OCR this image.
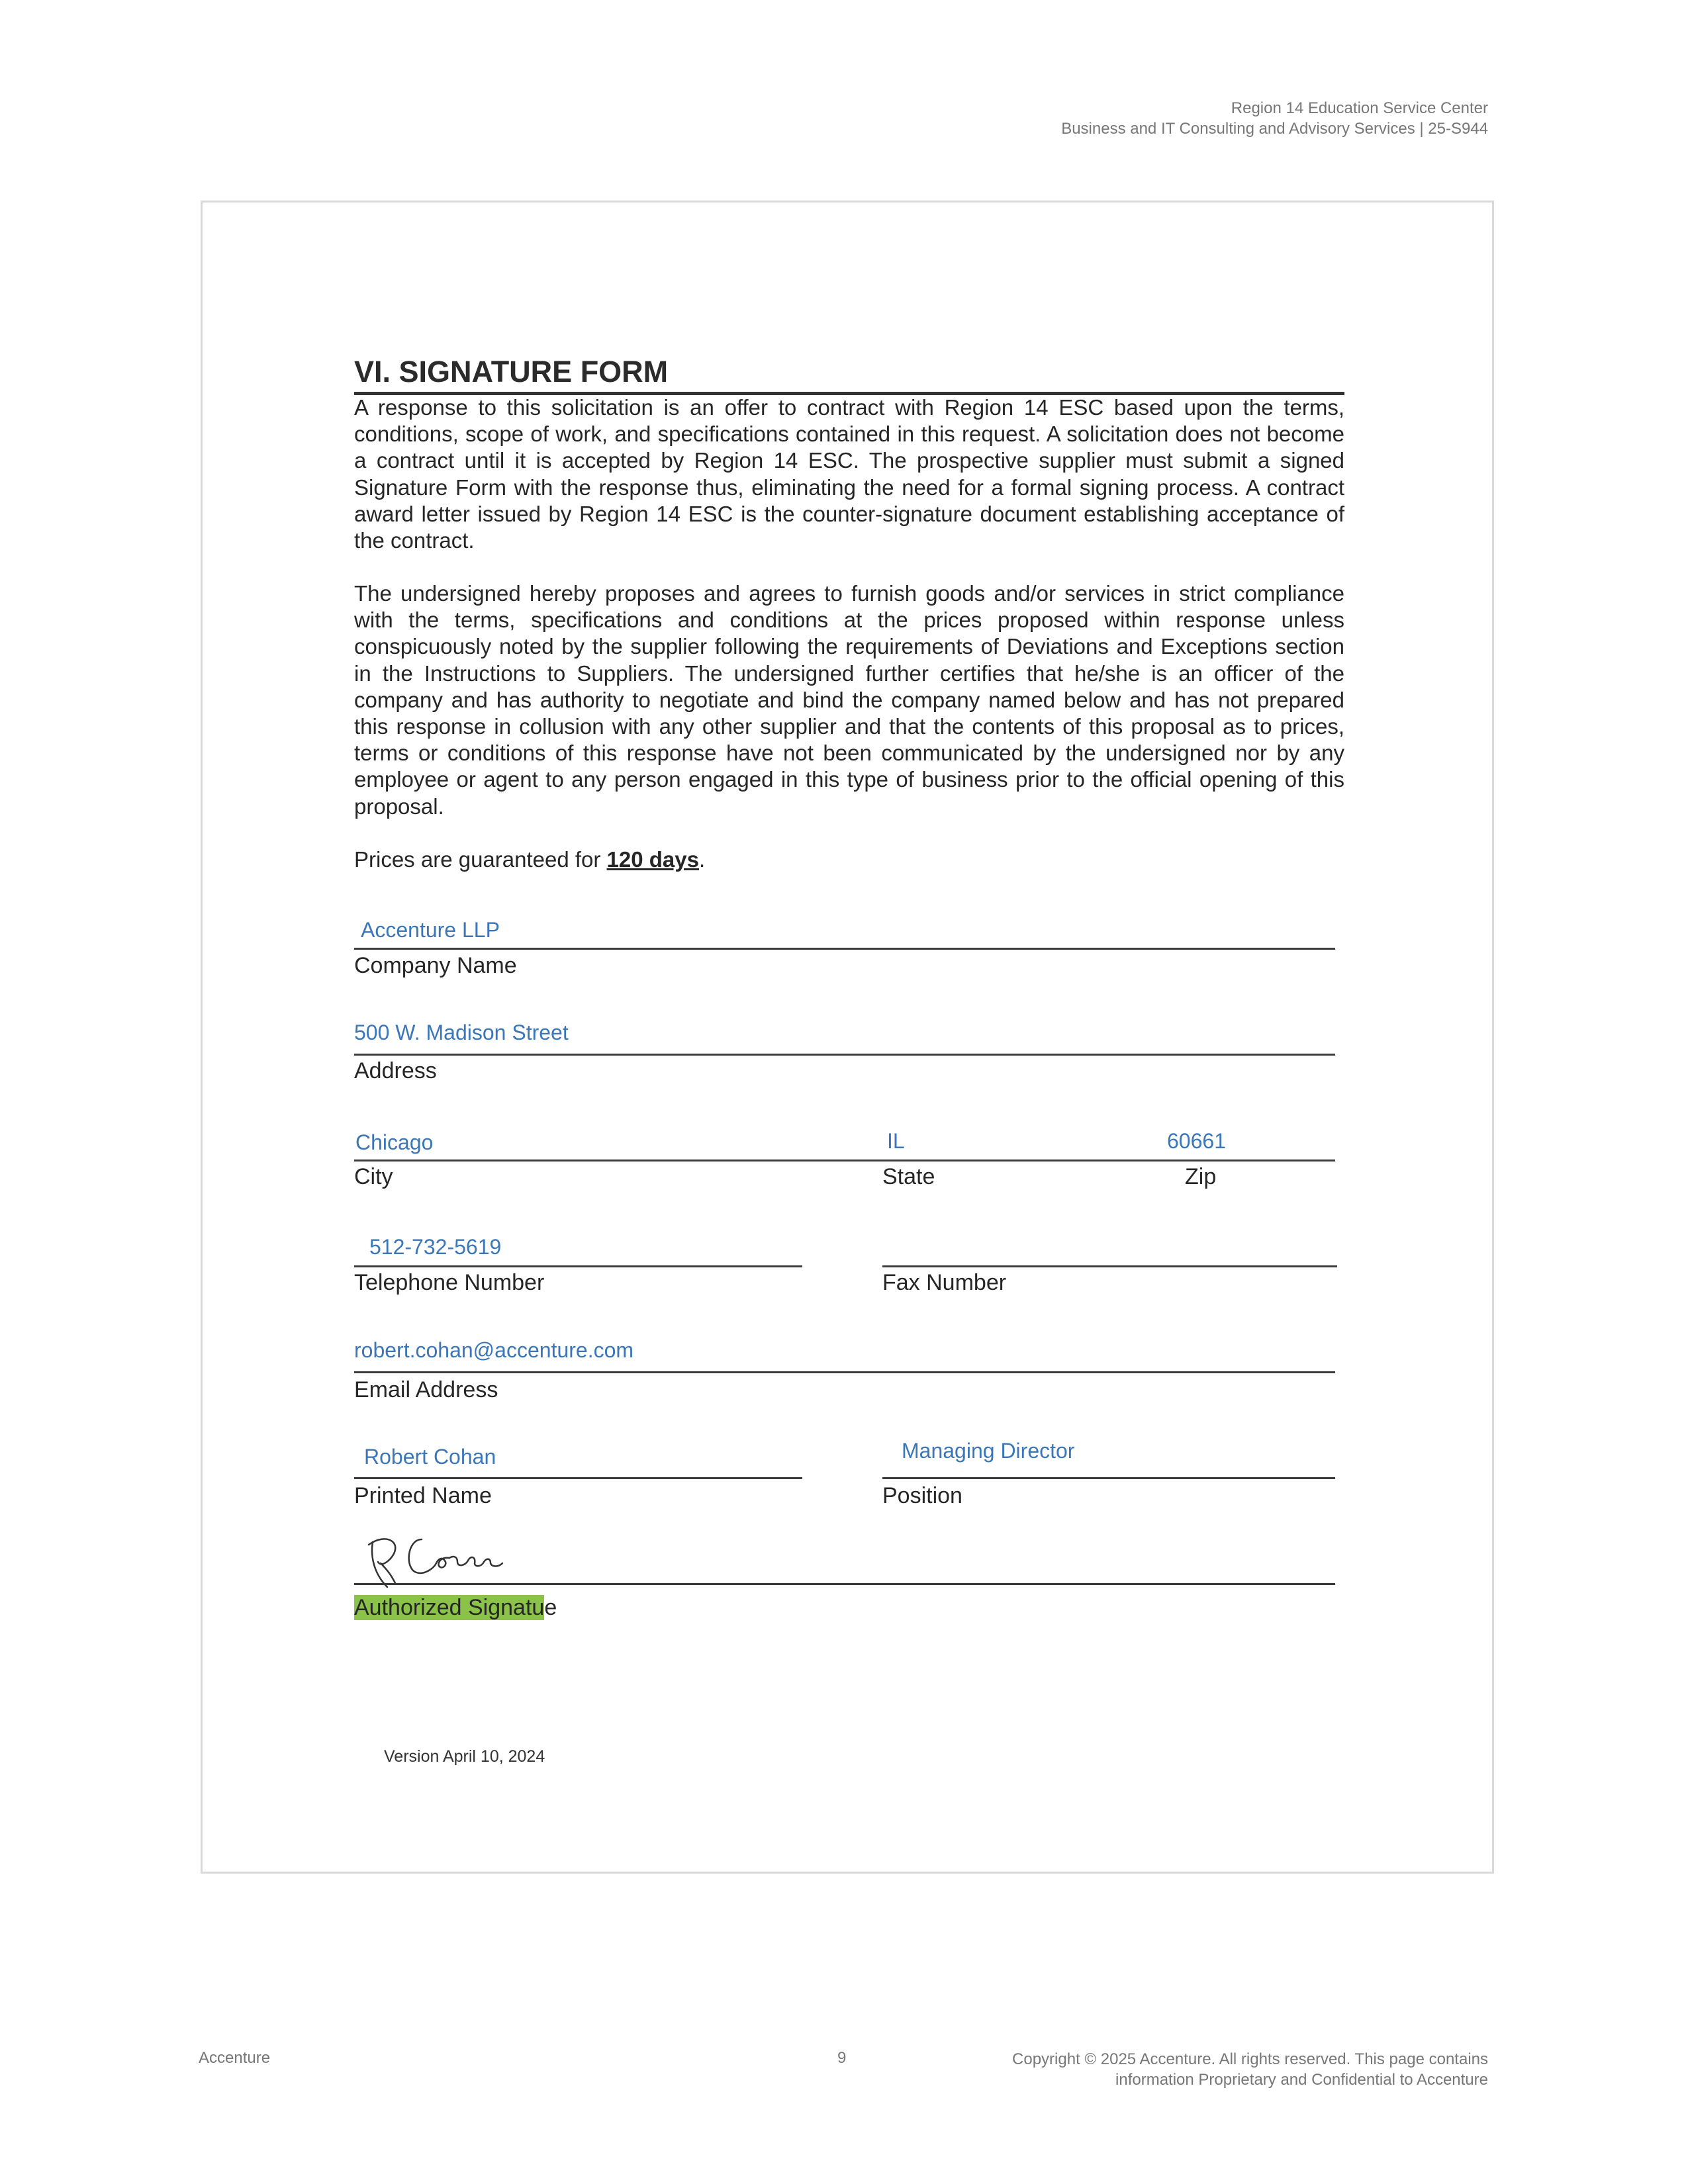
Region 14 Education Service Center
Business and IT Consulting and Advisory Services | 25-S944
VI. SIGNATURE FORM

A response to this solicitation is an offer to contract with Region 14 ESC based upon the terms, conditions, scope of work, and specifications contained in this request. A solicitation does not become a contract until it is accepted by Region 14 ESC. The prospective supplier must submit a signed Signature Form with the response thus, eliminating the need for a formal signing process. A contract award letter issued by Region 14 ESC is the counter-signature document establishing acceptance of the contract.

The undersigned hereby proposes and agrees to furnish goods and/or services in strict compliance with the terms, specifications and conditions at the prices proposed within response unless conspicuously noted by the supplier following the requirements of Deviations and Exceptions section in the Instructions to Suppliers. The undersigned further certifies that he/she is an officer of the company and has authority to negotiate and bind the company named below and has not prepared this response in collusion with any other supplier and that the contents of this proposal as to prices, terms or conditions of this response have not been communicated by the undersigned nor by any employee or agent to any person engaged in this type of business prior to the official opening of this proposal.

Prices are guaranteed for 120 days.
Accenture LLP
Company Name
500 W. Madison Street
Address
Chicago	IL	60661
City	State	Zip
512-732-5619
Telephone Number	Fax Number
robert.cohan@accenture.com
Email Address
Robert Cohan
Printed Name
Managing Director
Position
Authorized Signatue
Version April 10, 2024
Accenture	9	Copyright © 2025 Accenture. All rights reserved. This page contains
information Proprietary and Confidential to Accenture
